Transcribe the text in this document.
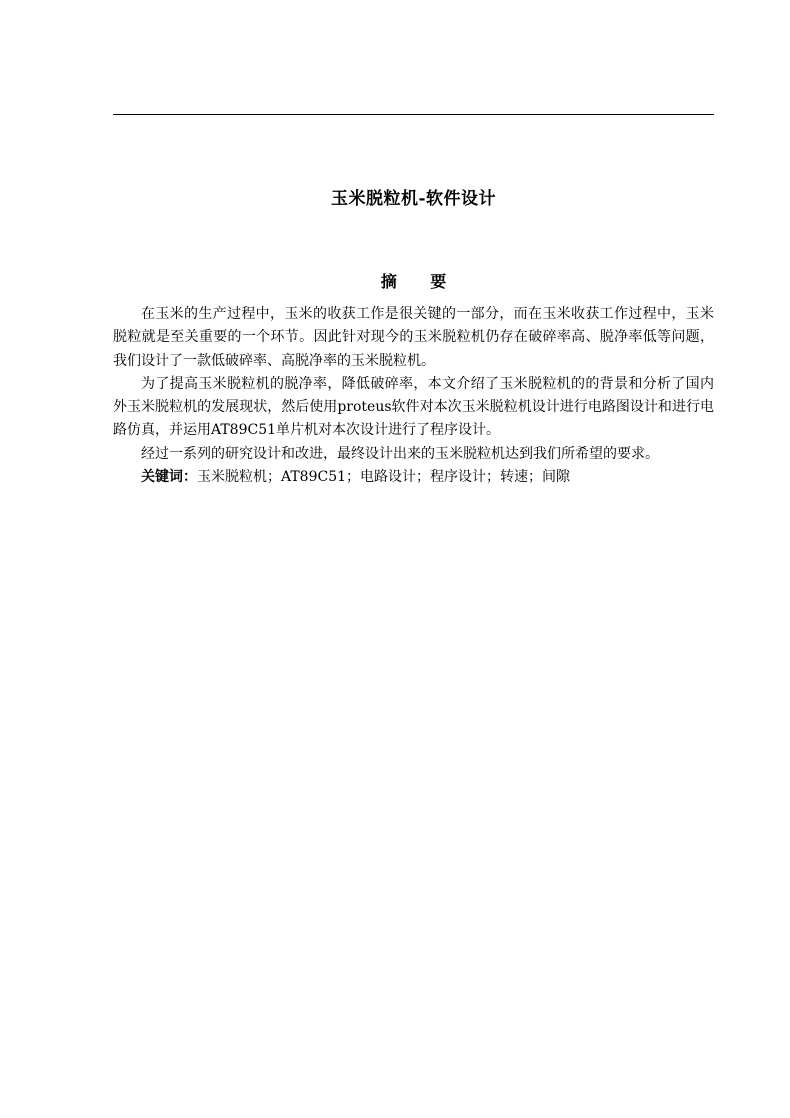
玉米脱粒机-软件设计
摘 要

在玉米的生产过程中，玉米的收获工作是很关键的一部分，而在玉米收获工作过程中，玉米脱粒就是至关重要的一个环节。因此针对现今的玉米脱粒机仍存在破碎率高、脱净率低等问题，我们设计了一款低破碎率、高脱净率的玉米脱粒机。

为了提高玉米脱粒机的脱净率，降低破碎率，本文介绍了玉米脱粒机的的背景和分析了国内外玉米脱粒机的发展现状，然后使用proteus软件对本次玉米脱粒机设计进行电路图设计和进行电路仿真，并运用AT89C51单片机对本次设计进行了程序设计。

经过一系列的研究设计和改进，最终设计出来的玉米脱粒机达到我们所希望的要求。

关键词：玉米脱粒机；AT89C51；电路设计；程序设计；转速；间隙
